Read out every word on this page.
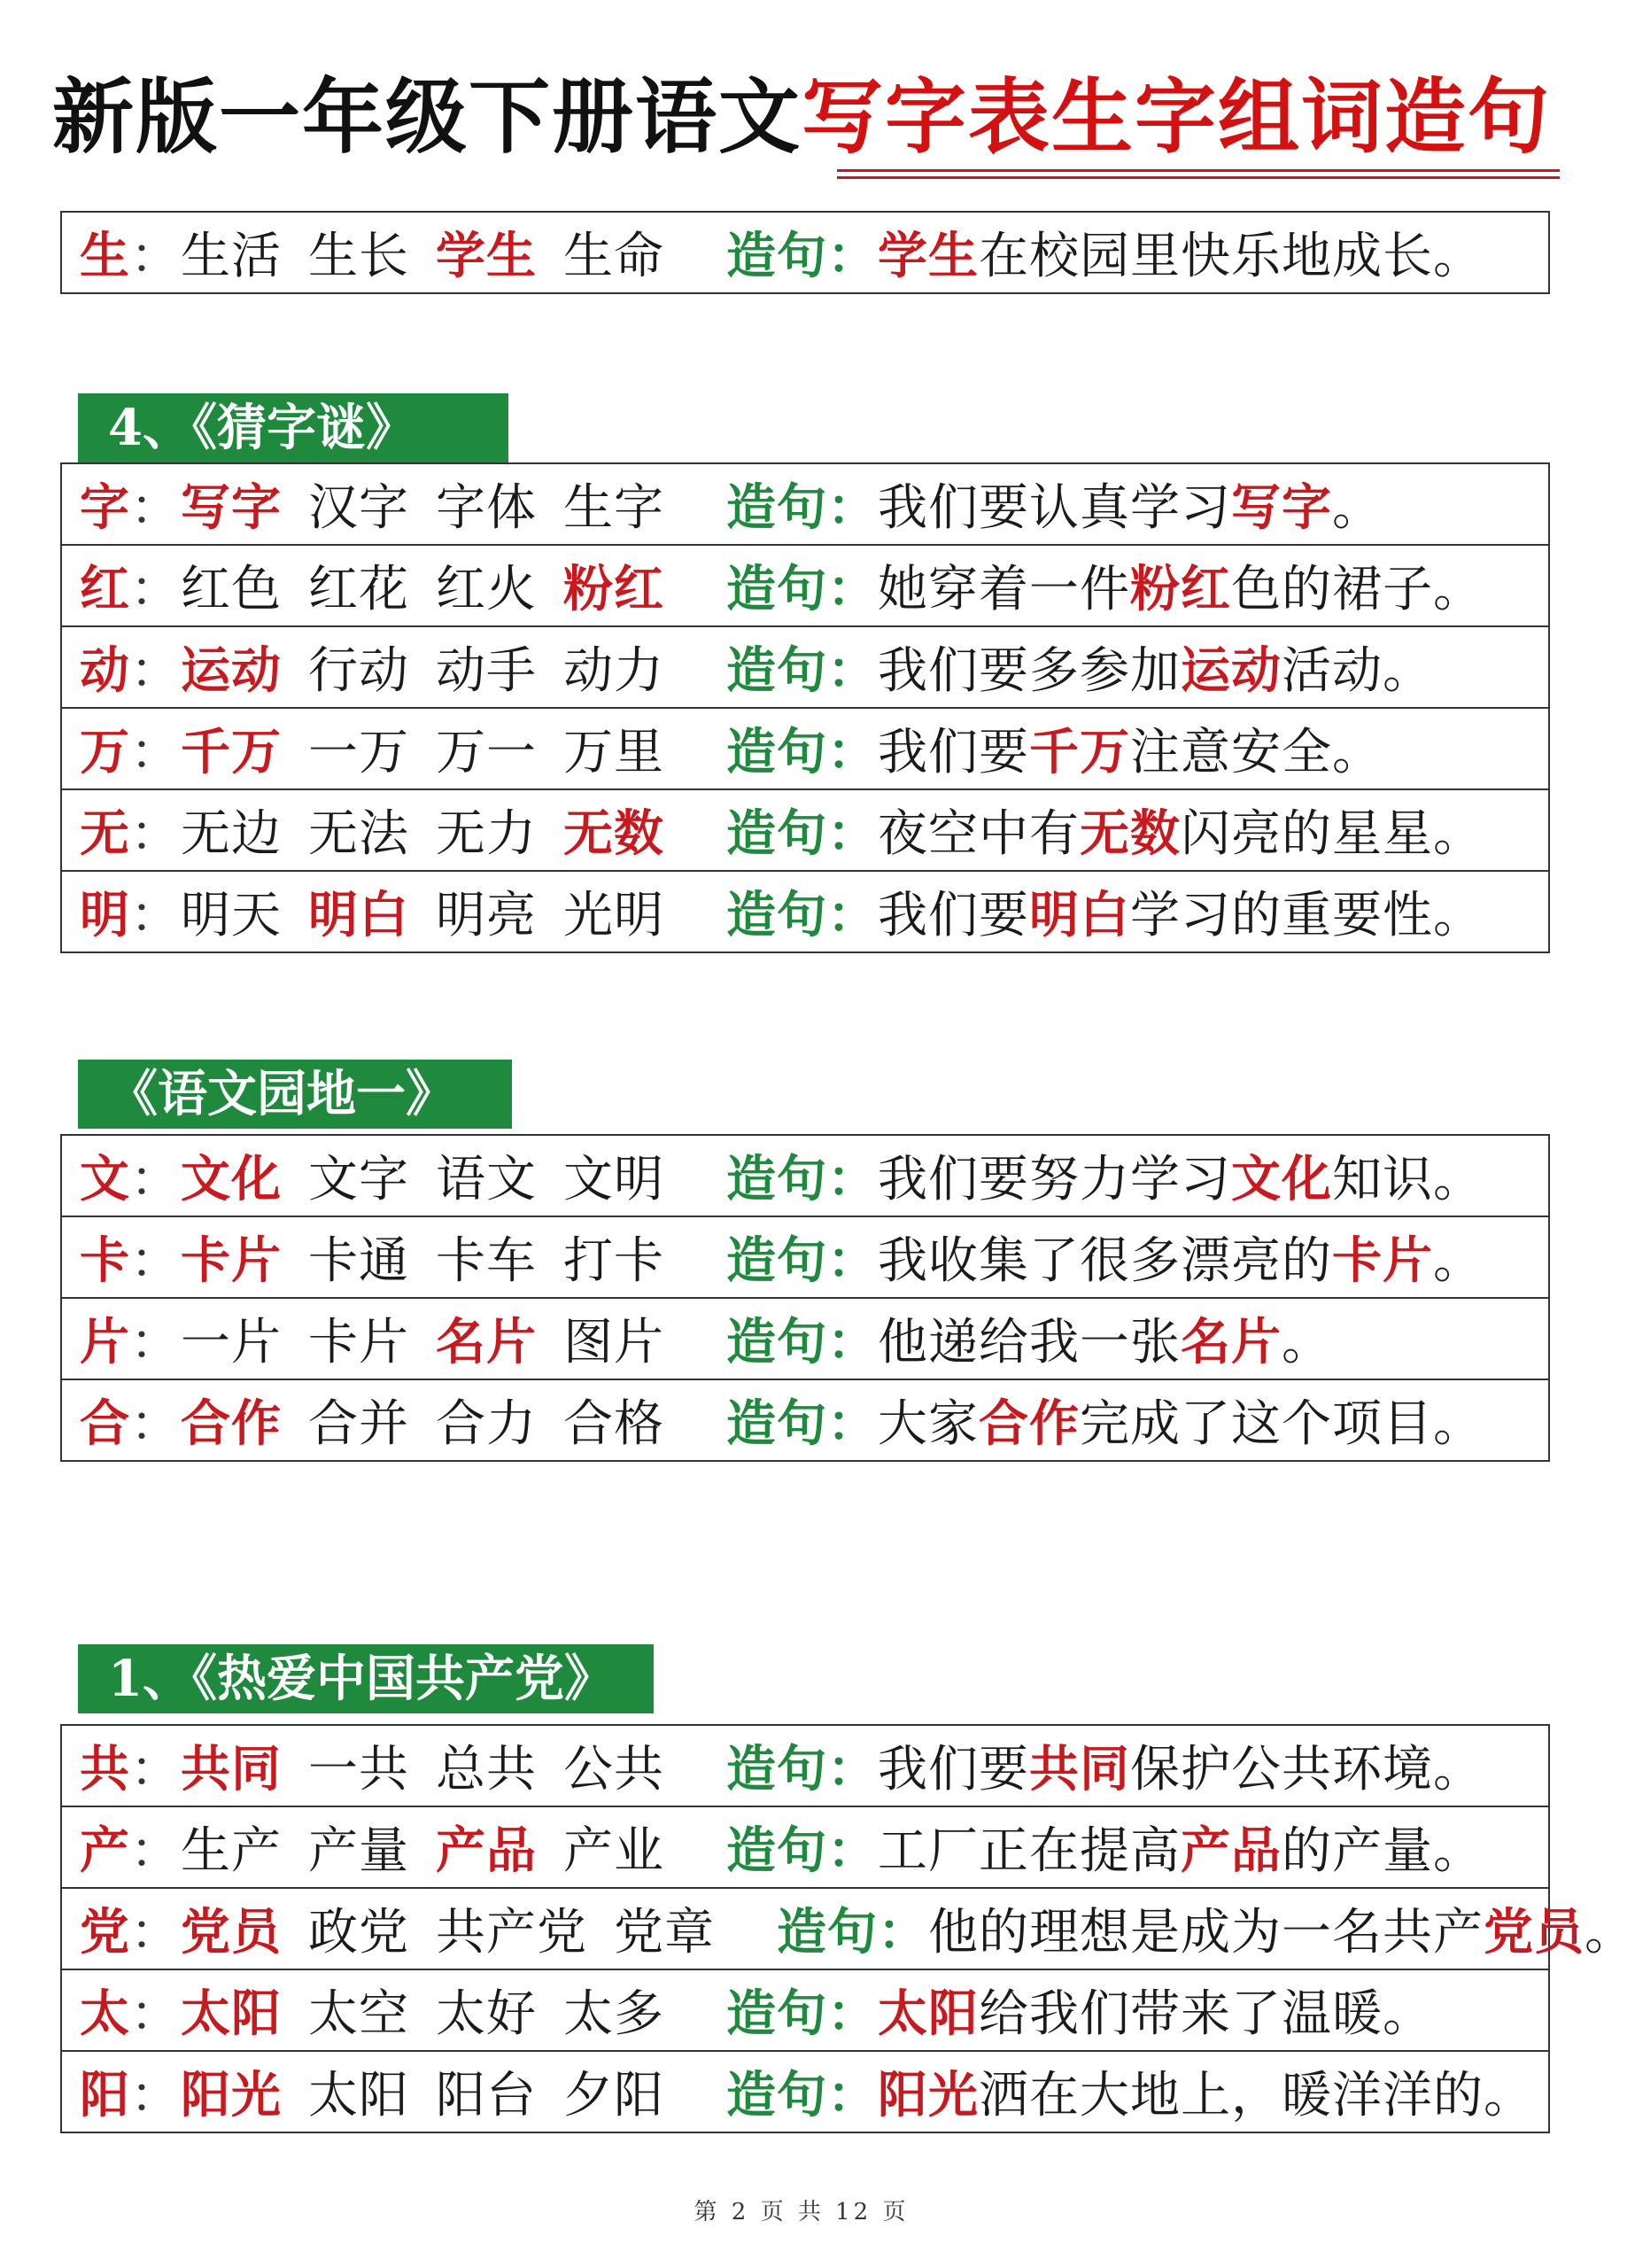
新版一年级下册语文写字表生字组词造句
生：生活 生长 学生 生命 造句：学生在校园里快乐地成长。
4、《猜字谜》
字：写字 汉字 字体 生字 造句：我们要认真学习写字。
红：红色 红花 红火 粉红 造句：她穿着一件粉红色的裙子。
动：运动 行动 动手 动力 造句：我们要多参加运动活动。
万：千万 一万 万一 万里 造句：我们要千万注意安全。
无：无边 无法 无力 无数 造句：夜空中有无数闪亮的星星。
明：明天 明白 明亮 光明 造句：我们要明白学习的重要性。
《语文园地一》
文：文化 文字 语文 文明 造句：我们要努力学习文化知识。
卡：卡片 卡通 卡车 打卡 造句：我收集了很多漂亮的卡片。
片：一片 卡片 名片 图片 造句：他递给我一张名片。
合：合作 合并 合力 合格 造句：大家合作完成了这个项目。
1、《热爱中国共产党》
共：共同 一共 总共 公共 造句：我们要共同保护公共环境。
产：生产 产量 产品 产业 造句：工厂正在提高产品的产量。
党：党员 政党 共产党 党章 造句：他的理想是成为一名共产党员。
太：太阳 太空 太好 太多 造句：太阳给我们带来了温暖。
阳：阳光 太阳 阳台 夕阳 造句：阳光洒在大地上，暖洋洋的。
第 2 页 共 12 页
